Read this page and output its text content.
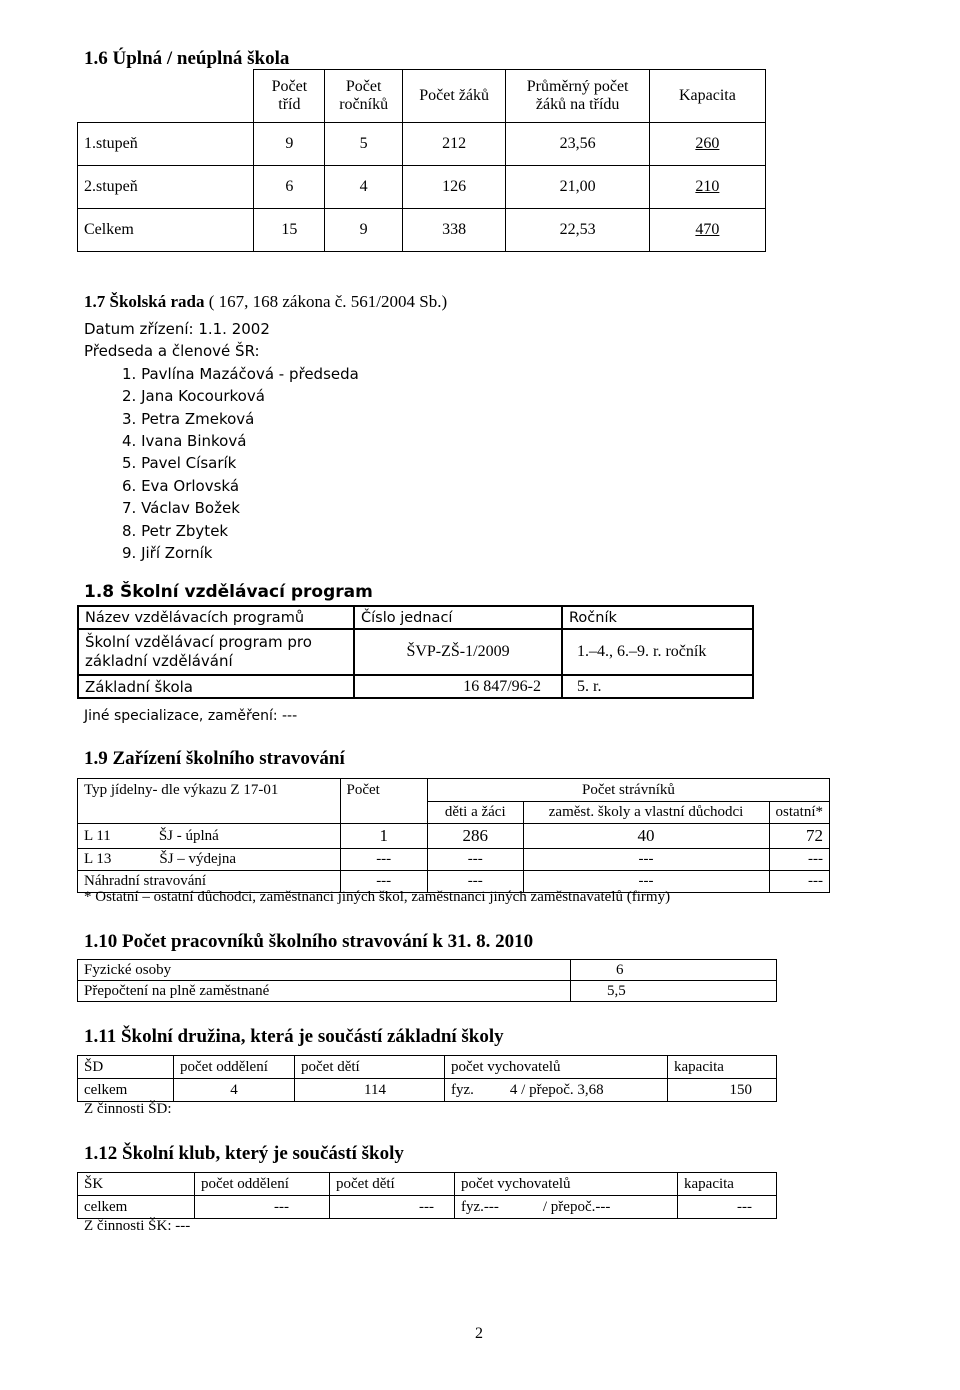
1.6 Úplná / neúplná škola
	Počet tříd	Počet ročníků	Počet žáků	Průměrný počet žáků na třídu	Kapacita
1.stupeň	9	5	212	23,56	260
2.stupeň	6	4	126	21,00	210
Celkem	15	9	338	22,53	470
1.7 Školská rada ( 167, 168 zákona č. 561/2004 Sb.)
Datum zřízení: 1.1. 2002
Předseda a členové ŠR:
1. Pavlína Mazáčová - předseda
2. Jana Kocourková
3. Petra Zmeková
4. Ivana Binková
5. Pavel Císarík
6. Eva Orlovská
7. Václav Božek
8. Petr Zbytek
9. Jiří Zorník
1.8 Školní vzdělávací program
Název vzdělávacích programů	Číslo jednací	Ročník

Školní vzdělávací program pro
základní vzdělávání	ŠVP-ZŠ-1/2009	1.–4., 6.–9. r. ročník
Základní škola	16 847/96-2	5. r.
Jiné specializace, zaměření: ---
1.9 Zařízení školního stravování
Typ jídelny- dle výkazu Z 17-01	Počet	Počet strávníků		
		děti a žáci	zaměst. školy a vlastní důchodci	ostatní*
L 11 ŠJ - úplná	1	286	40	72
L 13 ŠJ – výdejna	---	---	---	---
Náhradní stravování	---	---	---	---
* Ostatní – ostatní důchodci, zaměstnanci jiných škol, zaměstnanci jiných zaměstnavatelů (firmy)
1.10 Počet pracovníků školního stravování k 31. 8. 2010
Fyzické osoby	6
Přepočtení na plně zaměstnané	5,5
1.11 Školní družina, která je součástí základní školy
ŠD	počet oddělení	počet dětí	počet vychovatelů	kapacita
celkem	4	114	fyz. 4 / přepoč. 3,68	150
Z činnosti ŠD:
1.12 Školní klub, který je součástí školy
ŠK	počet oddělení	počet dětí	počet vychovatelů	kapacita
celkem	---	---	fyz.--- / přepoč.---	---
Z činnosti ŠK: ---
2
